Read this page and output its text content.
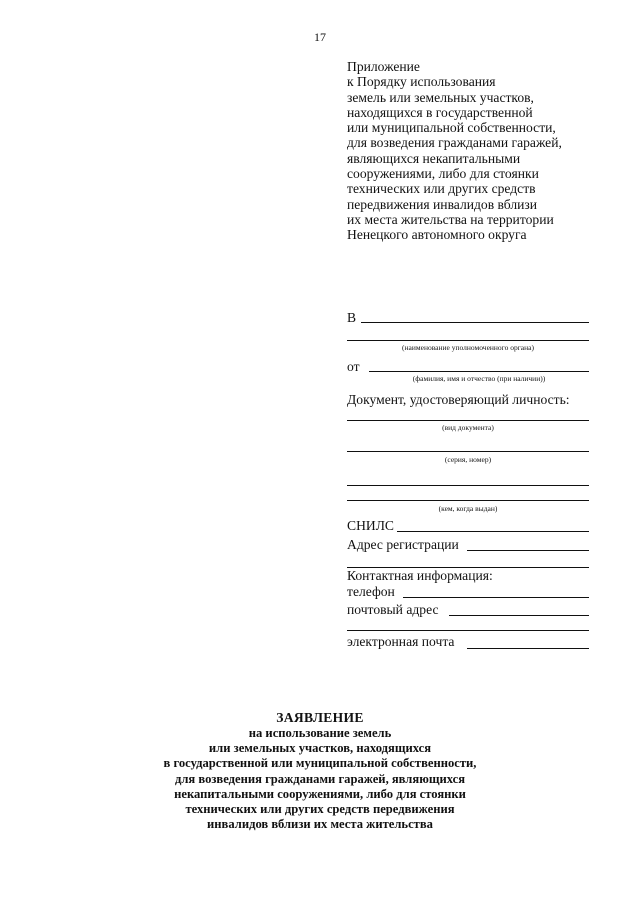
17
Приложение
к Порядку использования
земель или земельных участков,
находящихся в государственной
или муниципальной собственности,
для возведения гражданами гаражей,
являющихся некапитальными
сооружениями, либо для стоянки
технических или других средств
передвижения инвалидов вблизи
их места жительства на территории
Ненецкого автономного округа
В
(наименование уполномоченного органа)
от
(фамилия, имя и отчество (при наличии))
Документ, удостоверяющий личность:
(вид документа)
(серия, номер)
(кем, когда выдан)
СНИЛС
Адрес регистрации
Контактная информация:
телефон
почтовый адрес
электронная почта
ЗАЯВЛЕНИЕ
на использование земель
или земельных участков, находящихся
в государственной или муниципальной собственности,
для возведения гражданами гаражей, являющихся
некапитальными сооружениями, либо для стоянки
технических или других средств передвижения
инвалидов вблизи их места жительства
